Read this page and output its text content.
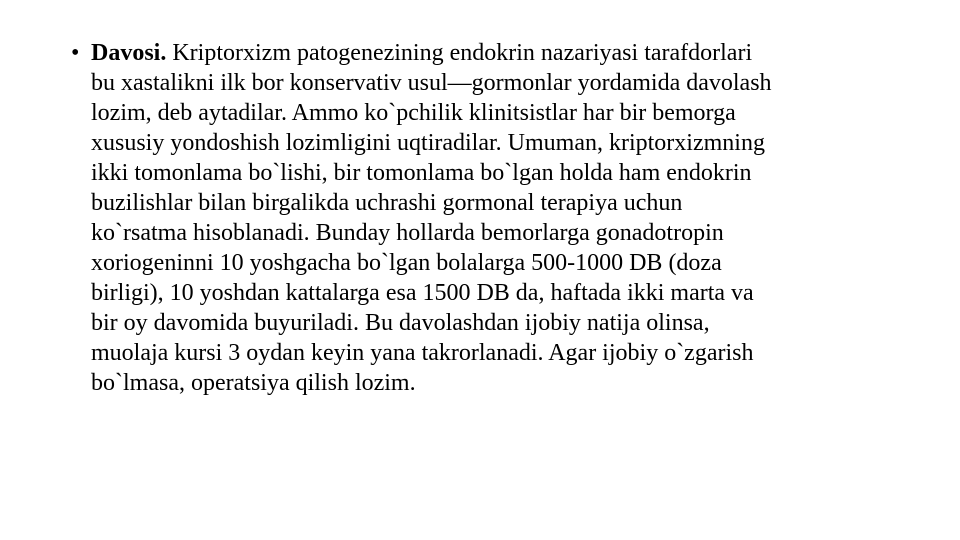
• Davosi. Kriptorxizm patogenezining endokrin nazariyasi tarafdorlari
bu xastalikni ilk bor konservativ usul—gormonlar yordamida davolash
lozim, deb aytadilar. Ammo ko`pchilik klinitsistlar har bir bemorga
xususiy yondoshish lozimligini uqtiradilar. Umuman, kriptorxizmning
ikki tomonlama bo`lishi, bir tomonlama bo`lgan holda ham endokrin
buzilishlar bilan birgalikda uchrashi gormonal terapiya uchun
ko`rsatma hisoblanadi. Bunday hollarda bemorlarga gonadotropin
xoriogeninni 10 yoshgacha bo`lgan bolalarga 500-1000 DB (doza
birligi), 10 yoshdan kattalarga esa 1500 DB da, haftada ikki marta va
bir oy davomida buyuriladi. Bu davolashdan ijobiy natija olinsa,
muolaja kursi 3 oydan keyin yana takrorlanadi. Agar ijobiy o`zgarish
bo`lmasa, operatsiya qilish lozim.
